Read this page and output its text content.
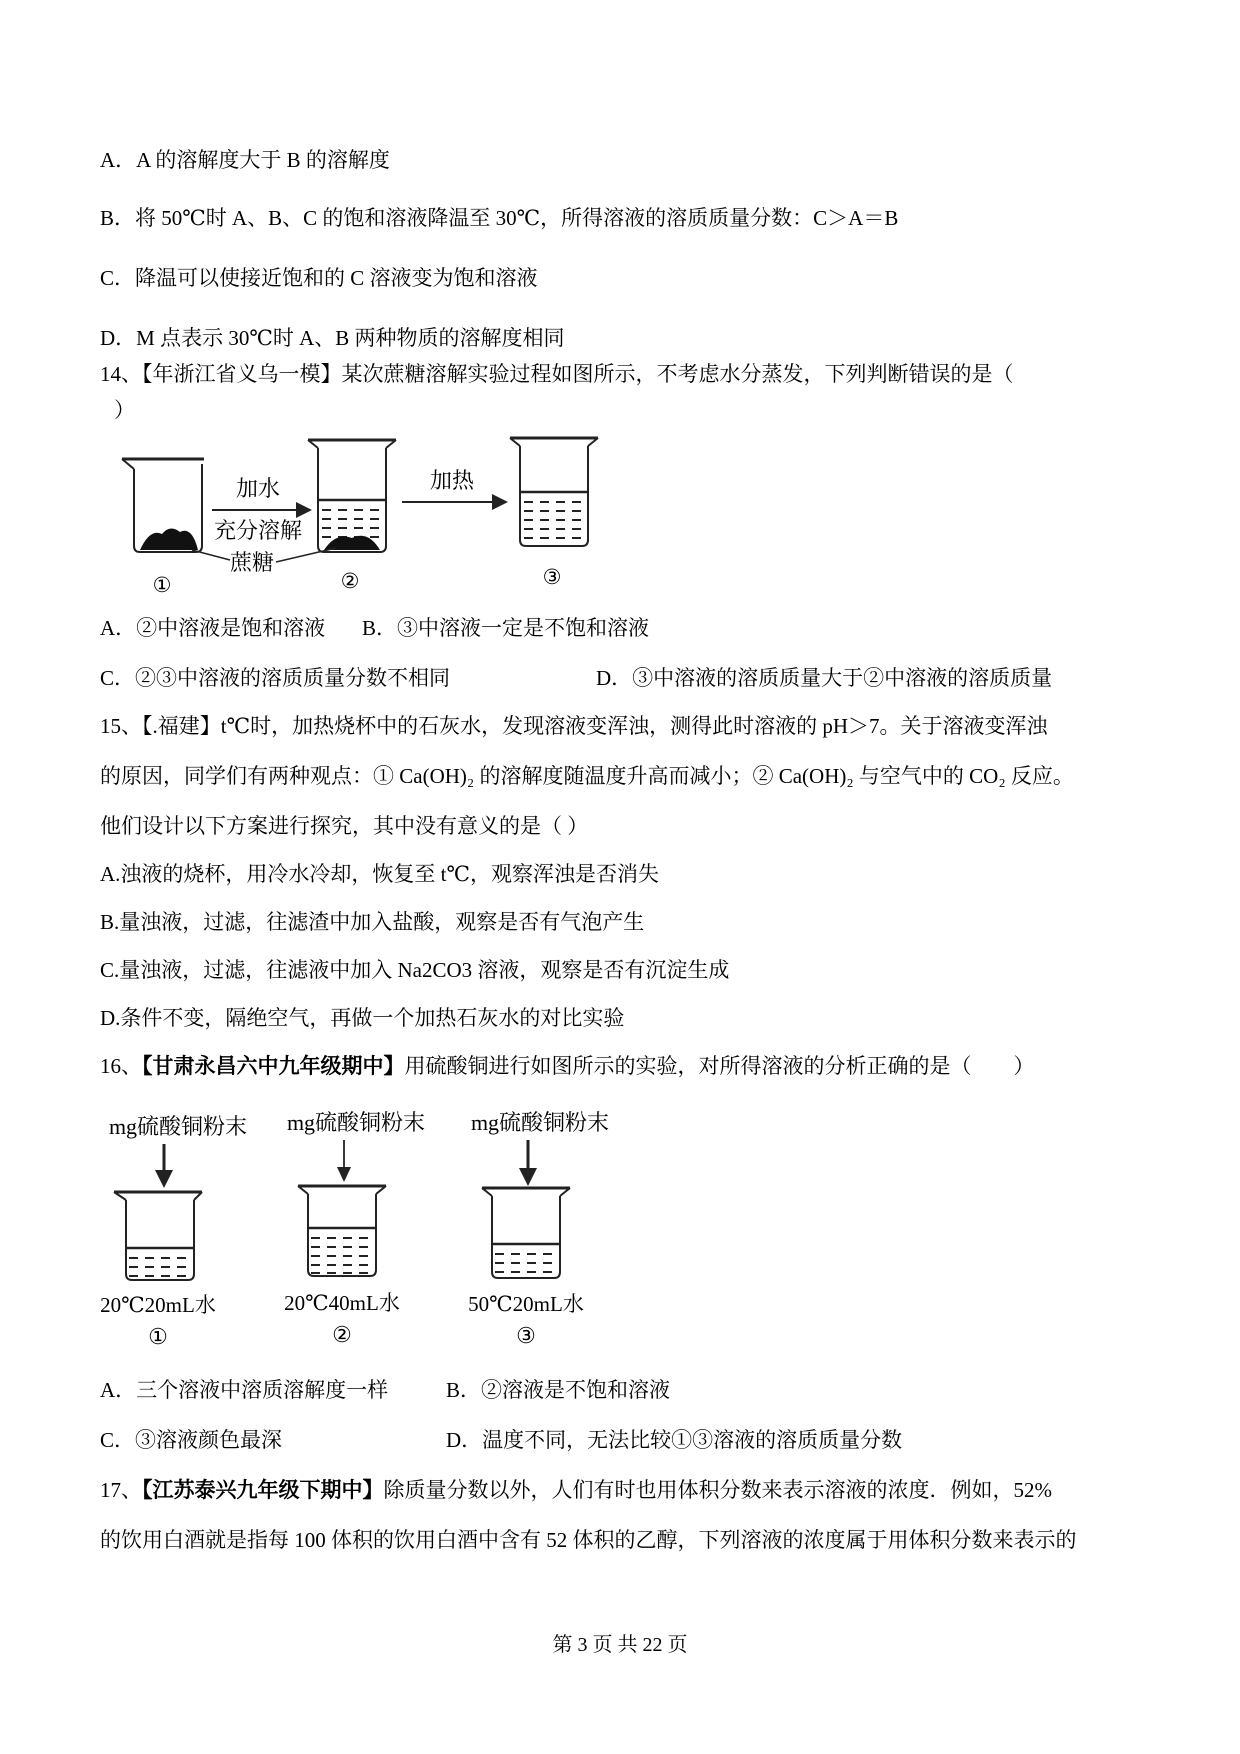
A．A 的溶解度大于 B 的溶解度

B．将 50℃时 A、B、C 的饱和溶液降温至 30℃，所得溶液的溶质质量分数：C＞A＝B

C．降温可以使接近饱和的 C 溶液变为饱和溶液

D．M 点表示 30℃时 A、B 两种物质的溶解度相同

14、【年浙江省义乌一模】某次蔗糖溶解实验过程如图所示，不考虑水分蒸发，下列判断错误的是（

）

加水
充分溶解
加热
蔗糖
①	②	③

A．②中溶液是饱和溶液	B．③中溶液一定是不饱和溶液

C．②③中溶液的溶质质量分数不相同	D．③中溶液的溶质质量大于②中溶液的溶质质量

15、【.福建】t℃时，加热烧杯中的石灰水，发现溶液变浑浊，测得此时溶液的 pH＞7。关于溶液变浑浊

的原因，同学们有两种观点：① Ca(OH)₂ 的溶解度随温度升高而减小；② Ca(OH)₂ 与空气中的 CO₂ 反应。

他们设计以下方案进行探究，其中没有意义的是（ ）

A.浊液的烧杯，用冷水冷却，恢复至 t℃，观察浑浊是否消失

B.量浊液，过滤，往滤渣中加入盐酸，观察是否有气泡产生

C.量浊液，过滤，往滤液中加入 Na2CO3 溶液，观察是否有沉淀生成

D.条件不变，隔绝空气，再做一个加热石灰水的对比实验

16、【甘肃永昌六中九年级期中】用硫酸铜进行如图所示的实验，对所得溶液的分析正确的是（　　）

mg硫酸铜粉末
20℃20mL水
①
mg硫酸铜粉末
20℃40mL水
②
mg硫酸铜粉末
50℃20mL水
③

A．三个溶液中溶质溶解度一样	B．②溶液是不饱和溶液

C．③溶液颜色最深	D．温度不同，无法比较①③溶液的溶质质量分数

17、【江苏泰兴九年级下期中】除质量分数以外，人们有时也用体积分数来表示溶液的浓度．例如，52%

的饮用白酒就是指每 100 体积的饮用白酒中含有 52 体积的乙醇，下列溶液的浓度属于用体积分数来表示的

第 3 页 共 22 页
